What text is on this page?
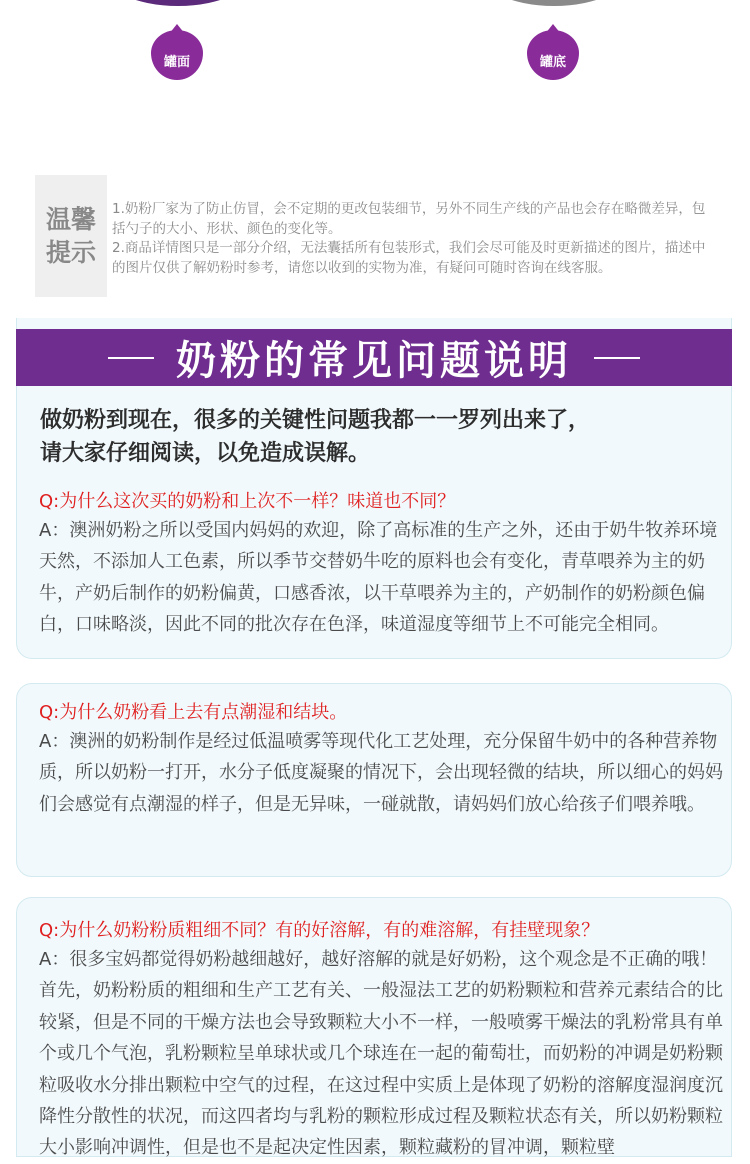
罐面	罐底
温馨
提示

1.奶粉厂家为了防止仿冒，会不定期的更改包装细节，另外不同生产线的产品也会存在略微差异，包括勺子的大小、形状、颜色的变化等。

2.商品详情图只是一部分介绍，无法囊括所有包装形式，我们会尽可能及时更新描述的图片，描述中的图片仅供了解奶粉时参考，请您以收到的实物为准，有疑问可随时咨询在线客服。

奶粉的常见问题说明

做奶粉到现在，很多的关键性问题我都一一罗列出来了，

请大家仔细阅读，以免造成误解。

Q:为什么这次买的奶粉和上次不一样？味道也不同？
A：澳洲奶粉之所以受国内妈妈的欢迎，除了高标准的生产之外，还由于奶牛牧养环境天然，不添加人工色素，所以季节交替奶牛吃的原料也会有变化，青草喂养为主的奶牛，产奶后制作的奶粉偏黄，口感香浓，以干草喂养为主的，产奶制作的奶粉颜色偏白，口味略淡，因此不同的批次存在色泽，味道湿度等细节上不可能完全相同。
Q:为什么奶粉看上去有点潮湿和结块。
A：澳洲的奶粉制作是经过低温喷雾等现代化工艺处理，充分保留牛奶中的各种营养物质，所以奶粉一打开，水分子低度凝聚的情况下，会出现轻微的结块，所以细心的妈妈们会感觉有点潮湿的样子，但是无异味，一碰就散，请妈妈们放心给孩子们喂养哦。
Q:为什么奶粉粉质粗细不同？有的好溶解，有的难溶解，有挂壁现象？
A：很多宝妈都觉得奶粉越细越好，越好溶解的就是好奶粉，这个观念是不正确的哦！首先，奶粉粉质的粗细和生产工艺有关、一般湿法工艺的奶粉颗粒和营养元素结合的比较紧，但是不同的干燥方法也会导致颗粒大小不一样，一般喷雾干燥法的乳粉常具有单个或几个气泡，乳粉颗粒呈单球状或几个球连在一起的葡萄壮，而奶粉的冲调是奶粉颗粒吸收水分排出颗粒中空气的过程，在这过程中实质上是体现了奶粉的溶解度湿润度沉降性分散性的状况，而这四者均与乳粉的颗粒形成过程及颗粒状态有关，所以奶粉颗粒大小影响冲调性，但是也不是起决定性因素，颗粒藏粉的冒冲调，颗粒壁
